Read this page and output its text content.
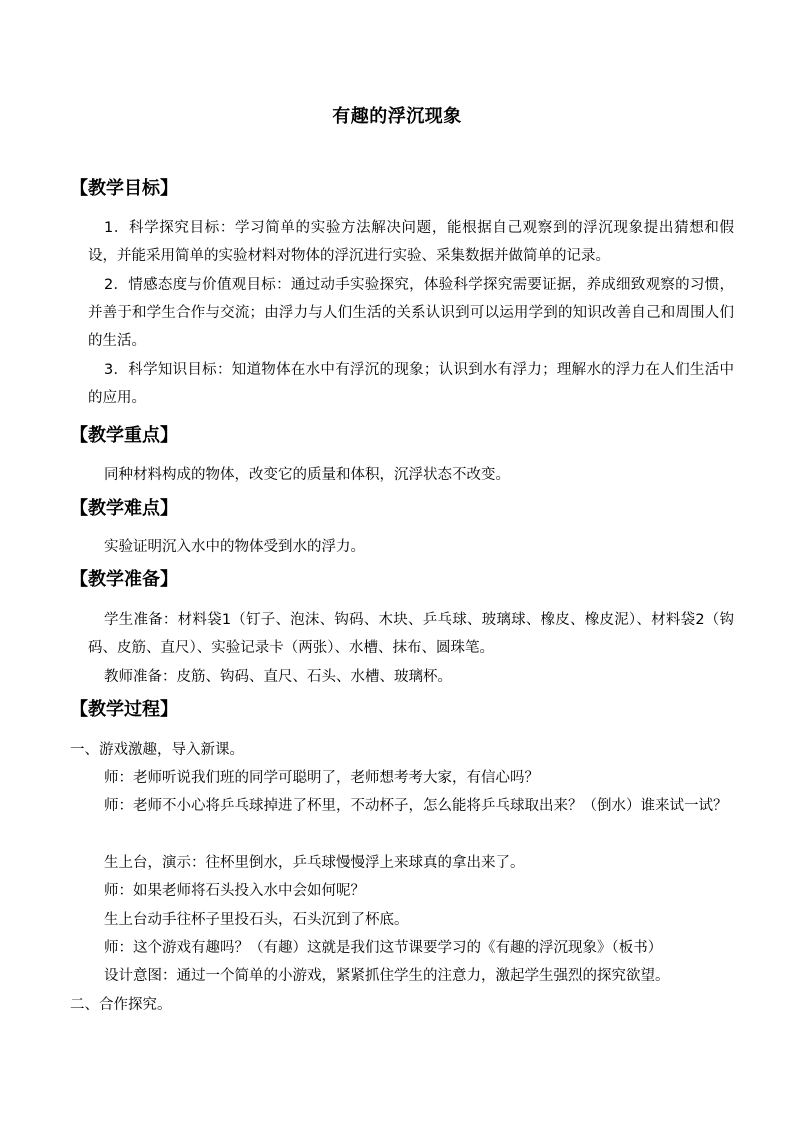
有趣的浮沉现象
【教学目标】

1．科学探究目标：学习简单的实验方法解决问题，能根据自己观察到的浮沉现象提出猜想和假设，并能采用简单的实验材料对物体的浮沉进行实验、采集数据并做简单的记录。

2．情感态度与价值观目标：通过动手实验探究，体验科学探究需要证据，养成细致观察的习惯，并善于和学生合作与交流；由浮力与人们生活的关系认识到可以运用学到的知识改善自己和周围人们的生活。

3．科学知识目标：知道物体在水中有浮沉的现象；认识到水有浮力；理解水的浮力在人们生活中的应用。

【教学重点】

同种材料构成的物体，改变它的质量和体积，沉浮状态不改变。

【教学难点】

实验证明沉入水中的物体受到水的浮力。

【教学准备】

学生准备：材料袋1（钉子、泡沫、钩码、木块、乒乓球、玻璃球、橡皮、橡皮泥）、材料袋2（钩码、皮筋、直尺）、实验记录卡（两张）、水槽、抹布、圆珠笔。

教师准备：皮筋、钩码、直尺、石头、水槽、玻璃杯。

【教学过程】
一、游戏激趣，导入新课。

师：老师听说我们班的同学可聪明了，老师想考考大家，有信心吗？

师：老师不小心将乒乓球掉进了杯里，不动杯子，怎么能将乒乓球取出来？（倒水）谁来试一试？

生上台，演示：往杯里倒水，乒乓球慢慢浮上来球真的拿出来了。

师：如果老师将石头投入水中会如何呢？

生上台动手往杯子里投石头，石头沉到了杯底。

师：这个游戏有趣吗？（有趣）这就是我们这节课要学习的《有趣的浮沉现象》（板书）

设计意图：通过一个简单的小游戏，紧紧抓住学生的注意力，激起学生强烈的探究欲望。

二、合作探究。
